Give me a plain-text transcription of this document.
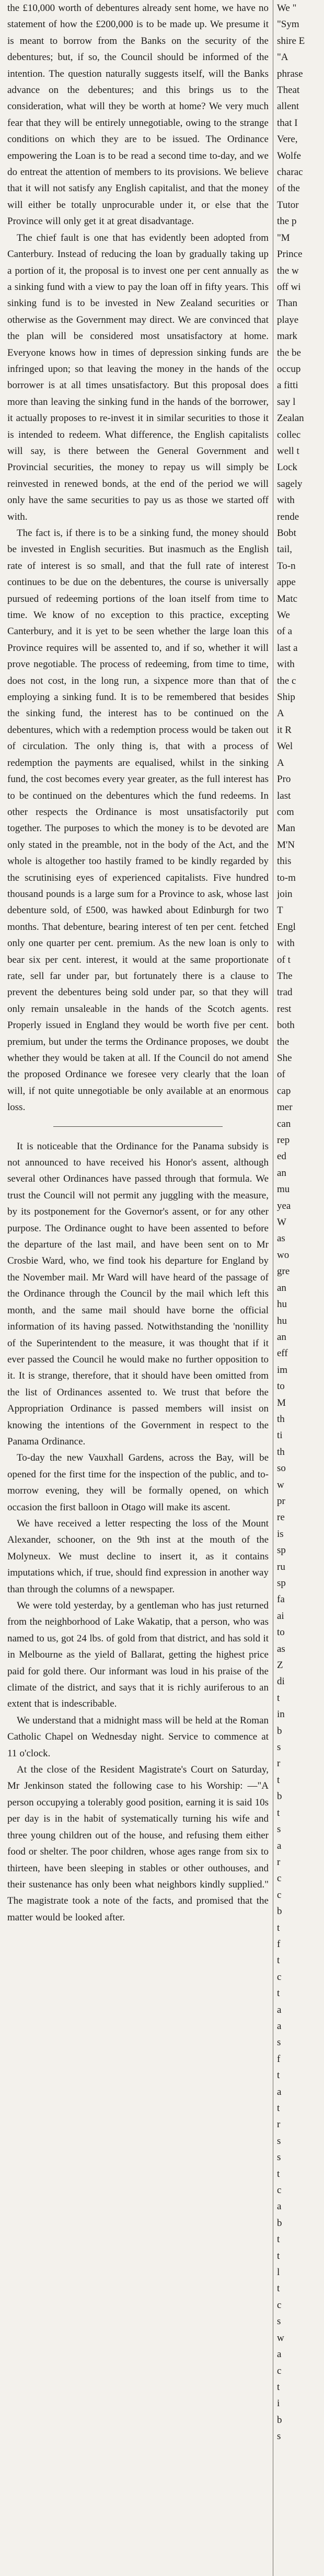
the £10,000 worth of debentures already sent home, we have no statement of how the £200,000 is to be made up. We presume it is meant to borrow from the Banks on the security of the debentures; but, if so, the Council should be informed of the intention. The question naturally suggests itself, will the Banks advance on the debentures; and this brings us to the consideration, what will they be worth at home? We very much fear that they will be entirely unnegotiable, owing to the strange conditions on which they are to be issued. The Ordinance empowering the Loan is to be read a second time to-day, and we do entreat the attention of members to its provisions. We believe that it will not satisfy any English capitalist, and that the money will either be totally unprocurable under it, or else that the Province will only get it at great disadvantage.

The chief fault is one that has evidently been adopted from Canterbury. Instead of reducing the loan by gradually taking up a portion of it, the proposal is to invest one per cent annually as a sinking fund with a view to pay the loan off in fifty years. This sinking fund is to be invested in New Zealand securities or otherwise as the Government may direct. We are convinced that the plan will be considered most unsatisfactory at home. Everyone knows how in times of depression sinking funds are infringed upon; so that leaving the money in the hands of the borrower is at all times unsatisfactory. But this proposal does more than leaving the sinking fund in the hands of the borrower, it actually proposes to re-invest it in similar securities to those it is intended to redeem. What difference, the English capitalists will say, is there between the General Government and Provincial securities, the money to repay us will simply be reinvested in renewed bonds, at the end of the period we will only have the same securities to pay us as those we started off with.

The fact is, if there is to be a sinking fund, the money should be invested in English securities. But inasmuch as the English rate of interest is so small, and that the full rate of interest continues to be due on the debentures, the course is universally pursued of redeeming portions of the loan itself from time to time. We know of no exception to this practice, excepting Canterbury, and it is yet to be seen whether the large loan this Province requires will be assented to, and if so, whether it will prove negotiable. The process of redeeming, from time to time, does not cost, in the long run, a sixpence more than that of employing a sinking fund. It is to be remembered that besides the sinking fund, the interest has to be continued on the debentures, which with a redemption process would be taken out of circulation. The only thing is, that with a process of redemption the payments are equalised, whilst in the sinking fund, the cost becomes every year greater, as the full interest has to be continued on the debentures which the fund redeems. In other respects the Ordinance is most unsatisfactorily put together. The purposes to which the money is to be devoted are only stated in the preamble, not in the body of the Act, and the whole is altogether too hastily framed to be kindly regarded by the scrutinising eyes of experienced capitalists. Five hundred thousand pounds is a large sum for a Province to ask, whose last debenture sold, of £500, was hawked about Edinburgh for two months. That debenture, bearing interest of ten per cent. fetched only one quarter per cent. premium. As the new loan is only to bear six per cent. interest, it would at the same proportionate rate, sell far under par, but fortunately there is a clause to prevent the debentures being sold under par, so that they will only remain unsaleable in the hands of the Scotch agents. Properly issued in England they would be worth five per cent. premium, but under the terms the Ordinance proposes, we doubt whether they would be taken at all. If the Council do not amend the proposed Ordinance we foresee very clearly that the loan will, if not quite unnegotiable be only available at an enormous loss.

It is noticeable that the Ordinance for the Panama subsidy is not announced to have received his Honor's assent, although several other Ordinances have passed through that formula. We trust the Council will not permit any juggling with the measure, by its postponement for the Governor's assent, or for any other purpose. The Ordinance ought to have been assented to before the departure of the last mail, and have been sent on to Mr Crosbie Ward, who, we find took his departure for England by the November mail. Mr Ward will have heard of the passage of the Ordinance through the Council by the mail which left this month, and the same mail should have borne the official information of its having passed. Notwithstanding the 'nonillity of the Superintendent to the measure, it was thought that if it ever passed the Council he would make no further opposition to it. It is strange, therefore, that it should have been omitted from the list of Ordinances assented to. We trust that before the Appropriation Ordinance is passed members will insist on knowing the intentions of the Government in respect to the Panama Ordinance.

To-day the new Vauxhall Gardens, across the Bay, will be opened for the first time for the inspection of the public, and to-morrow evening, they will be formally opened, on which occasion the first balloon in Otago will make its ascent.

We have received a letter respecting the loss of the Mount Alexander, schooner, on the 9th inst at the mouth of the Molyneux. We must decline to insert it, as it contains imputations which, if true, should find expression in another way than through the columns of a newspaper.

We were told yesterday, by a gentleman who has just returned from the neighborhood of Lake Wakatip, that a person, who was named to us, got 24 lbs. of gold from that district, and has sold it in Melbourne as the yield of Ballarat, getting the highest price paid for gold there. Our informant was loud in his praise of the climate of the district, and says that it is richly auriferous to an extent that is indescribable.

We understand that a midnight mass will be held at the Roman Catholic Chapel on Wednesday night. Service to commence at 11 o'clock.

At the close of the Resident Magistrate's Court on Saturday, Mr Jenkinson stated the following case to his Worship: —"A person occupying a tolerably good position, earning it is said 10s per day is in the habit of systematically turning his wife and three young children out of the house, and refusing them either food or shelter. The poor children, whose ages range from six to thirteen, have been sleeping in stables or other outhouses, and their sustenance has only been what neighbors kindly supplied." The magistrate took a note of the facts, and promised that the matter would be looked after.

We "

"Sym

shire E

"A

phrase

Theat

allent

that I

Vere,

Wolfe

charac

of the

Tutor

the p

"M

Prince

the w

off wi

Than

playe

mark

the be

occup

a fitti

say l

Zealan

collec

well t

Lock

sagely

with

rende

Bobt

tail,

To-n

appe

Matc

We

of a

last a

with

the c

Ship

A

it R

Wel

A

Pro

last

com

Man

M'N

this

to-m

join

T

Engl

with

of t

The

trad

rest

both

the

She

of

cap

mer

can

rep

ed

an

mu

yea

W

as

wo

gre

an

hu

hu

an

eff

im

to

M

th

ti

th

so

w

pr

re

is

sp

ru

sp

fa

ai

to

as

Z

di

t

in

b

s

r

t

b

t

s

a

r

c

c

b

t

f

t

c

t

a

a

s

f

t

a

t

r

s

s

t

c

a

b

t

t

l

t

c

s

w

a

c

t

i

b

s
